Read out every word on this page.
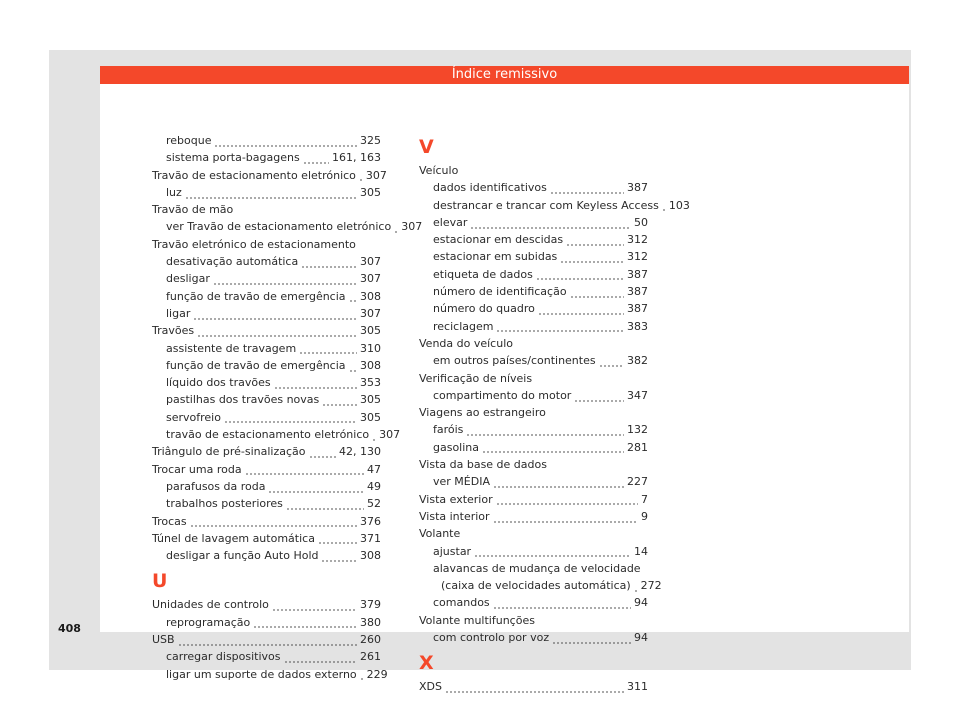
Índice remissivo
reboque	325
sistema porta-bagagens	161, 163
Travão de estacionamento eletrónico 307
luz	305
Travão de mão
ver Travão de estacionamento eletrónico 307
Travão eletrónico de estacionamento
desativação automática	307
desligar	307
função de travão de emergência 308
ligar	307
Travões	305
assistente de travagem	310
função de travão de emergência 308
líquido dos travões	353
pastilhas dos travões novas	305
servofreio	305
travão de estacionamento eletrónico 307
Triângulo de pré-sinalização	42, 130
Trocar uma roda	47
parafusos da roda	49
trabalhos posteriores	52
Trocas	376
Túnel de lavagem automática	371
desligar a função Auto Hold	308
U
Unidades de controlo	379
reprogramação	380
USB	260
carregar dispositivos	261
ligar um suporte de dados externo 229
V
Veículo
dados identificativos	387
destrancar e trancar com Keyless Access 103
elevar	50
estacionar em descidas	312
estacionar em subidas	312
etiqueta de dados	387
número de identificação	387
número do quadro	387
reciclagem	383
Venda do veículo
em outros países/continentes	382
Verificação de níveis
compartimento do motor	347
Viagens ao estrangeiro
faróis	132
gasolina	281
Vista da base de dados
ver MÉDIA	227
Vista exterior	7
Vista interior	9
Volante
ajustar	14
alavancas de mudança de velocidade
(caixa de velocidades automática) 272
comandos	94
Volante multifunções
com controlo por voz	94
X
XDS	311
408
